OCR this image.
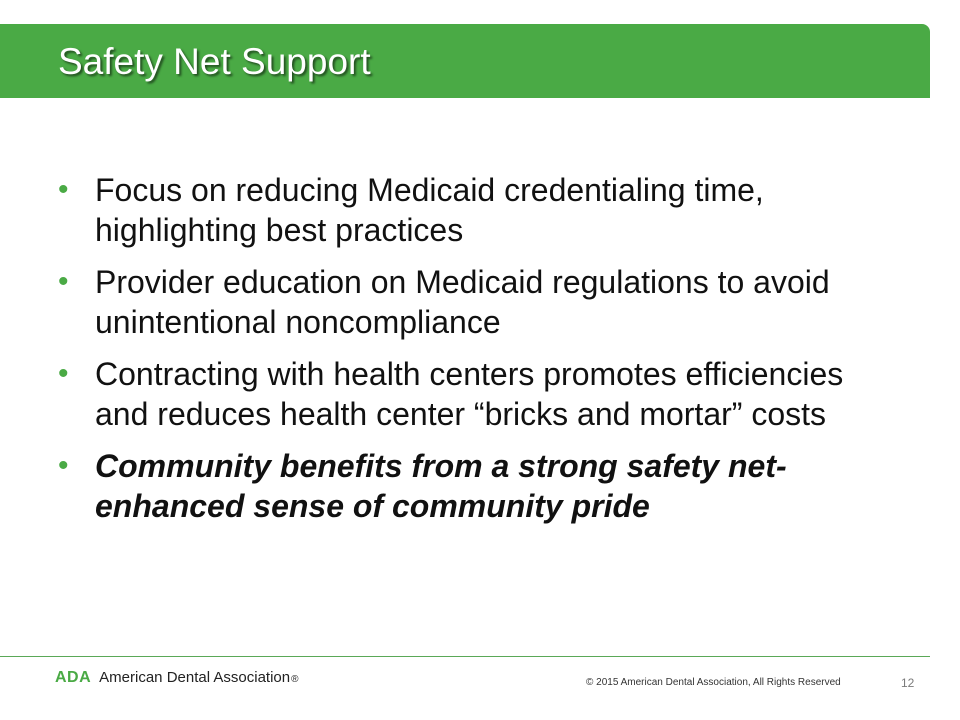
Safety Net Support
• Focus on reducing Medicaid credentialing time, highlighting best practices
• Provider education on Medicaid regulations to avoid unintentional noncompliance
• Contracting with health centers promotes efficiencies and reduces health center “bricks and mortar” costs
• Community benefits from a strong safety net- enhanced sense of community pride
ADA American Dental Association ®	© 2015 American Dental Association, All Rights Reserved	12
